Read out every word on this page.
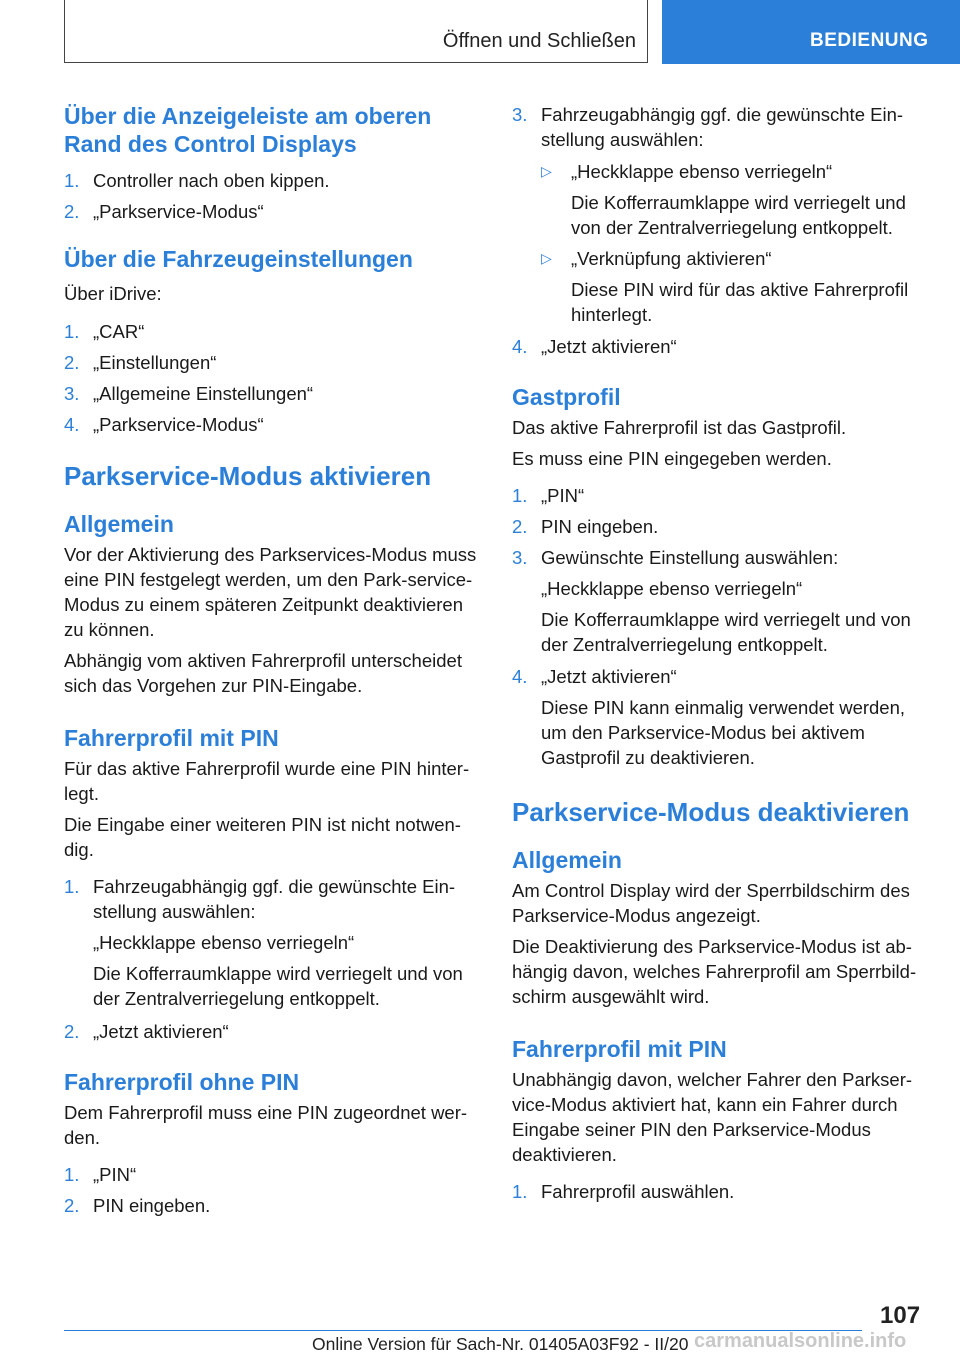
Öffnen und Schließen	BEDIENUNG
Über die Anzeigeleiste am oberen Rand des Control Displays
1. Controller nach oben kippen.
2. „Parkservice-Modus“
Über die Fahrzeugeinstellungen

Über iDrive:

1. „CAR“
2. „Einstellungen“
3. „Allgemeine Einstellungen“
4. „Parkservice-Modus“
Parkservice-Modus aktivieren
Allgemein

Vor der Aktivierung des Parkservices-Modus muss eine PIN festgelegt werden, um den Park-service-Modus zu einem späteren Zeitpunkt deaktivieren zu können.

Abhängig vom aktiven Fahrerprofil unterscheidet sich das Vorgehen zur PIN-Eingabe.

Fahrerprofil mit PIN

Für das aktive Fahrerprofil wurde eine PIN hinter-legt.

Die Eingabe einer weiteren PIN ist nicht notwen-dig.

1. Fahrzeugabhängig ggf. die gewünschte Ein-stellung auswählen:

„Heckklappe ebenso verriegeln“

Die Kofferraumklappe wird verriegelt und von der Zentralverriegelung entkoppelt.

2. „Jetzt aktivieren“
Fahrerprofil ohne PIN

Dem Fahrerprofil muss eine PIN zugeordnet wer-den.

1. „PIN“
2. PIN eingeben.
3. Fahrzeugabhängig ggf. die gewünschte Ein-stellung auswählen:
▷ „Heckklappe ebenso verriegeln“

Die Kofferraumklappe wird verriegelt und von der Zentralverriegelung entkoppelt.

▷ „Verknüpfung aktivieren“

Diese PIN wird für das aktive Fahrerprofil hinterlegt.

4. „Jetzt aktivieren“
Gastprofil

Das aktive Fahrerprofil ist das Gastprofil.

Es muss eine PIN eingegeben werden.

1. „PIN“
2. PIN eingeben.
3. Gewünschte Einstellung auswählen:

„Heckklappe ebenso verriegeln“

Die Kofferraumklappe wird verriegelt und von der Zentralverriegelung entkoppelt.

4. „Jetzt aktivieren“

Diese PIN kann einmalig verwendet werden, um den Parkservice-Modus bei aktivem Gastprofil zu deaktivieren.

Parkservice-Modus deaktivieren
Allgemein

Am Control Display wird der Sperrbildschirm des Parkservice-Modus angezeigt.

Die Deaktivierung des Parkservice-Modus ist ab-hängig davon, welches Fahrerprofil am Sperrbild-schirm ausgewählt wird.

Fahrerprofil mit PIN

Unabhängig davon, welcher Fahrer den Parkser-vice-Modus aktiviert hat, kann ein Fahrer durch Eingabe seiner PIN den Parkservice-Modus deaktivieren.

1. Fahrerprofil auswählen.
107
Online Version für Sach-Nr. 01405A03F92 - II/20 carmanualsonline.info
